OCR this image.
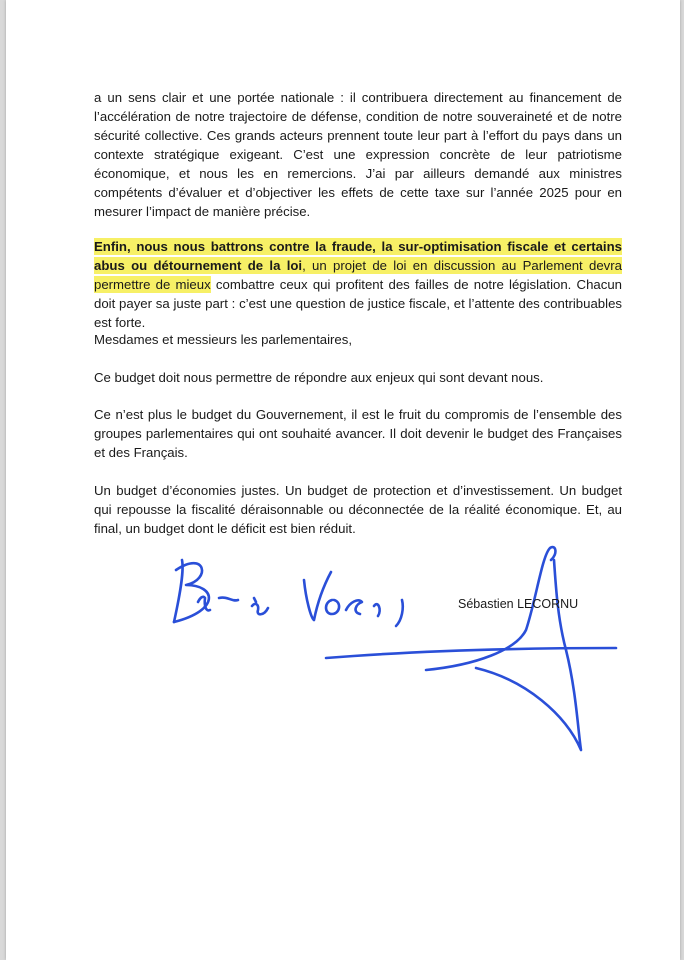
a un sens clair et une portée nationale : il contribuera directement au financement de l’accélération de notre trajectoire de défense, condition de notre souveraineté et de notre sécurité collective. Ces grands acteurs prennent toute leur part à l’effort du pays dans un contexte stratégique exigeant. C’est une expression concrète de leur patriotisme économique, et nous les en remercions. J’ai par ailleurs demandé aux ministres compétents d’évaluer et d’objectiver les effets de cette taxe sur l’année 2025 pour en mesurer l’impact de manière précise.
Enfin, nous nous battrons contre la fraude, la sur-optimisation fiscale et certains abus ou détournement de la loi, un projet de loi en discussion au Parlement devra permettre de mieux combattre ceux qui profitent des failles de notre législation. Chacun doit payer sa juste part : c’est une question de justice fiscale, et l’attente des contribuables est forte.
Mesdames et messieurs les parlementaires,
Ce budget doit nous permettre de répondre aux enjeux qui sont devant nous.
Ce n’est plus le budget du Gouvernement, il est le fruit du compromis de l’ensemble des groupes parlementaires qui ont souhaité avancer. Il doit devenir le budget des Françaises et des Français.
Un budget d’économies justes. Un budget de protection et d’investissement. Un budget qui repousse la fiscalité déraisonnable ou déconnectée de la réalité économique. Et, au final, un budget dont le déficit est bien réduit.
Sébastien LECORNU
